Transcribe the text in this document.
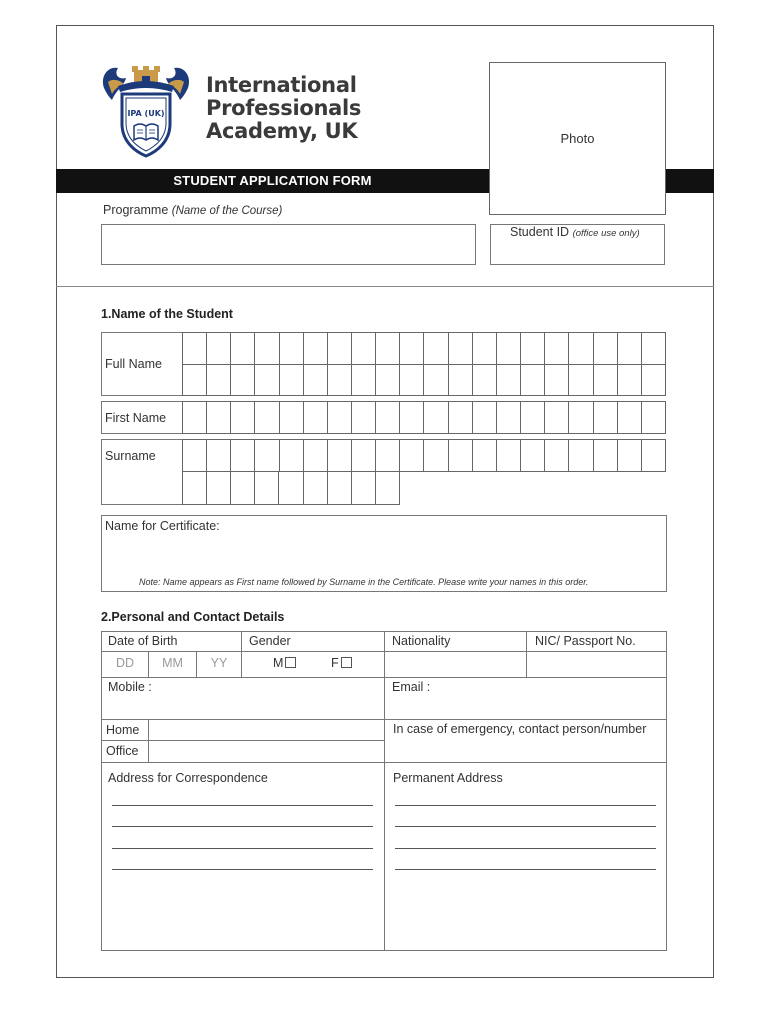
IPA (UK)
International
Professionals
Academy, UK
STUDENT APPLICATION FORM
Photo
Programme (Name of the Course)
Student ID (office use only)
1.Name of the Student
Full Name
First Name
Surname
Name for Certificate:
Note: Name appears as First name followed by Surname in the Certificate. Please write your names in this order.
2.Personal and Contact Details
Date of Birth	Gender	Nationality	NIC/ Passport No.
DD	MM	YY	M	F
Mobile :	Email :
Home
Office
In case of emergency, contact person/number
Address for Correspondence	Permanent Address
